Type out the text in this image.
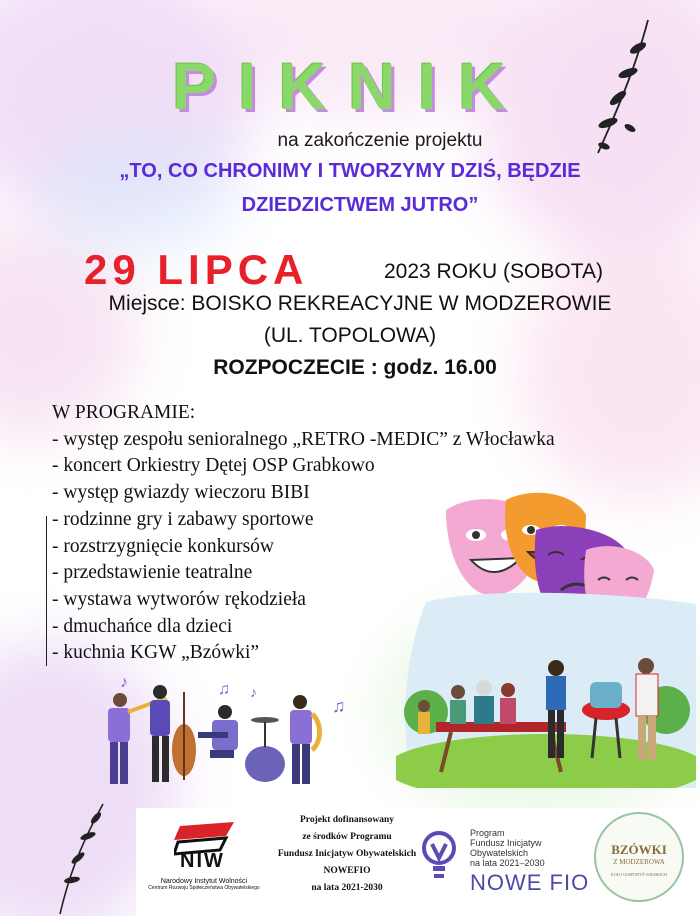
PIKNIK
na zakończenie projektu
„TO, CO CHRONIMY I TWORZYMY DZIŚ, BĘDZIE
DZIEDZICTWEM JUTRO”
29 LIPCA	2023 ROKU (SOBOTA)
Miejsce: BOISKO REKREACYJNE W MODZEROWIE
(UL. TOPOLOWA)
ROZPOCZECIE : godz. 16.00
W PROGRAMIE:
- występ zespołu senioralnego „RETRO -MEDIC” z Włocławka
- koncert Orkiestry Dętej OSP Grabkowo
- występ gwiazdy wieczoru BIBI
- rodzinne gry i zabawy sportowe
- rozstrzygnięcie konkursów
- przedstawienie teatralne
- wystawa wytworów rękodzieła
- dmuchańce dla dzieci
- kuchnia KGW „Bzówki”
♪	♫ ♪
♫
NIW
Narodowy Instytut Wolności
Centrum Rozwoju Społeczeństwa Obywatelskiego
Projekt dofinansowany
ze środków Programu
Fundusz Inicjatyw Obywatelskich
NOWEFIO
na lata 2021-2030
Program
Fundusz Inicjatyw
Obywatelskich
na lata 2021–2030
NOWE FIO
BZÓWKI
Z MODZEROWA
KOŁO GOSPODYŃ WIEJSKICH
